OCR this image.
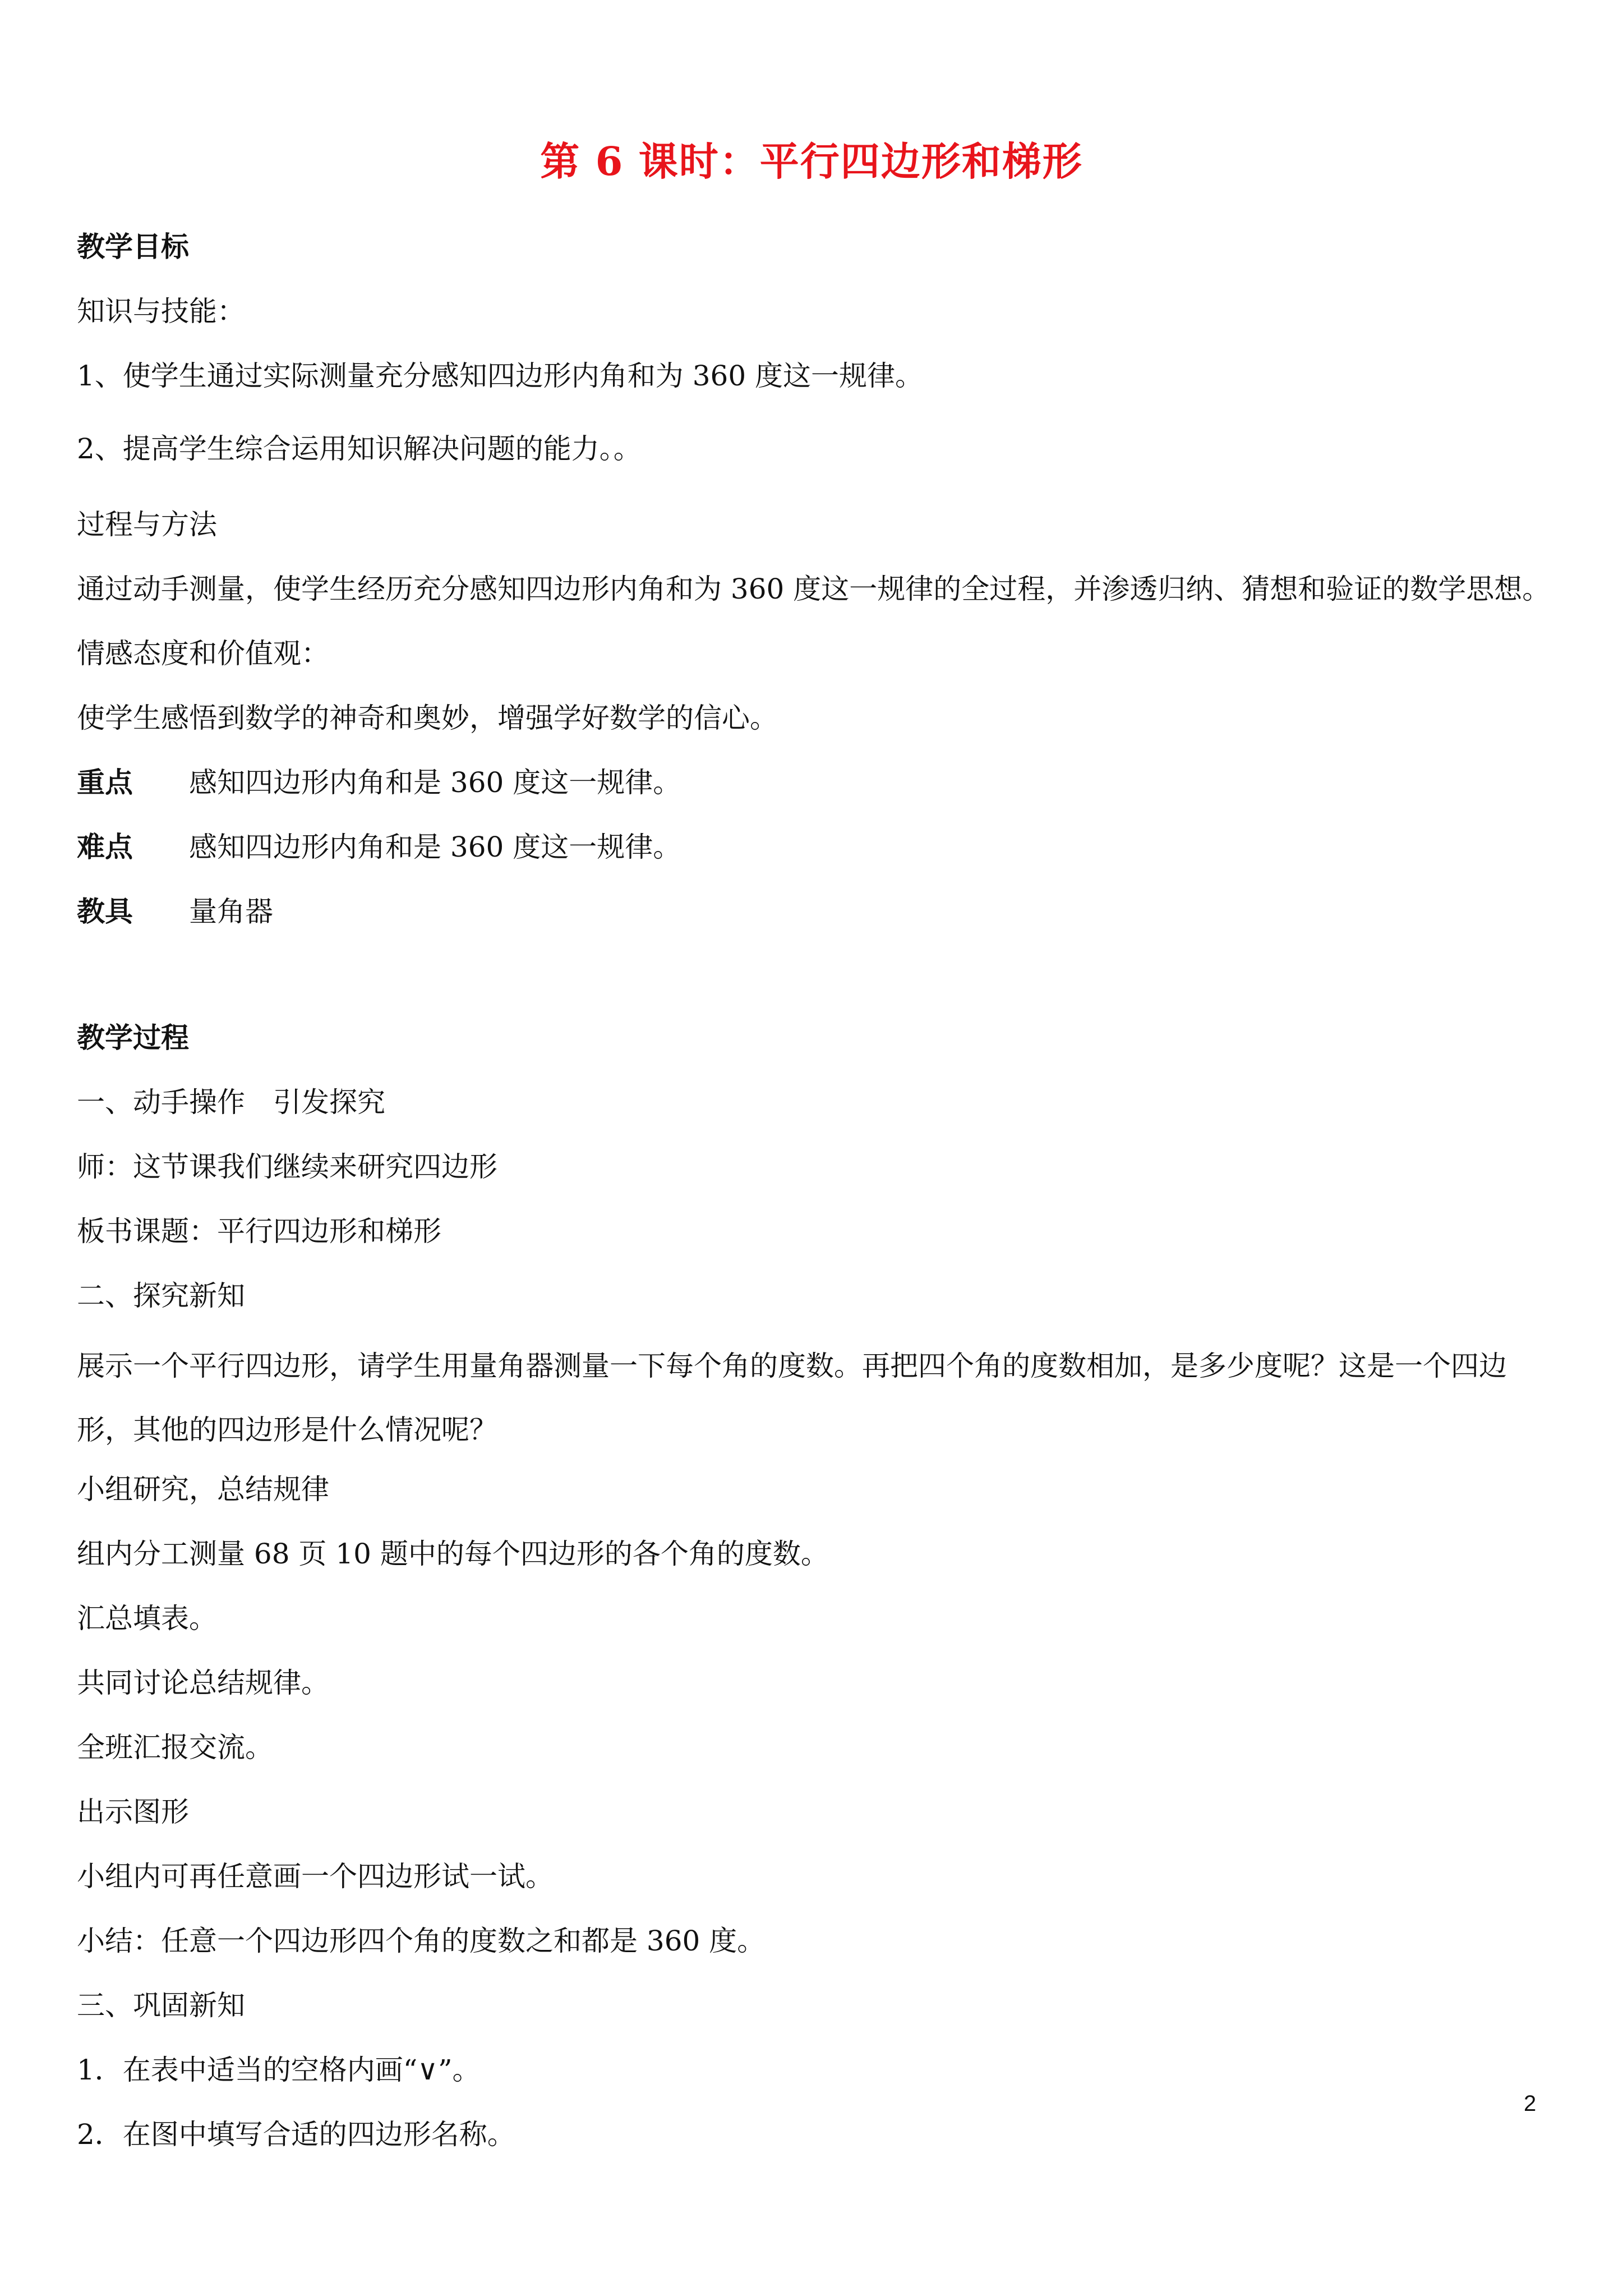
第 6 课时：平行四边形和梯形
教学目标
知识与技能：
1、使学生通过实际测量充分感知四边形内角和为 360 度这一规律。
2、提高学生综合运用知识解决问题的能力。。
过程与方法
通过动手测量，使学生经历充分感知四边形内角和为 360 度这一规律的全过程，并渗透归纳、猜想和验证的数学思想。
情感态度和价值观：
使学生感悟到数学的神奇和奥妙，增强学好数学的信心。
重点 感知四边形内角和是 360 度这一规律。
难点 感知四边形内角和是 360 度这一规律。
教具 量角器
教学过程
一、动手操作　引发探究
师：这节课我们继续来研究四边形
板书课题：平行四边形和梯形
二、探究新知
展示一个平行四边形，请学生用量角器测量一下每个角的度数。再把四个角的度数相加，是多少度呢？这是一个四边形，其他的四边形是什么情况呢？
小组研究，总结规律
组内分工测量 68 页 10 题中的每个四边形的各个角的度数。
汇总填表。
共同讨论总结规律。
全班汇报交流。
出示图形
小组内可再任意画一个四边形试一试。
小结：任意一个四边形四个角的度数之和都是 360 度。
三、巩固新知
1．在表中适当的空格内画“∨”。
2．在图中填写合适的四边形名称。
2
